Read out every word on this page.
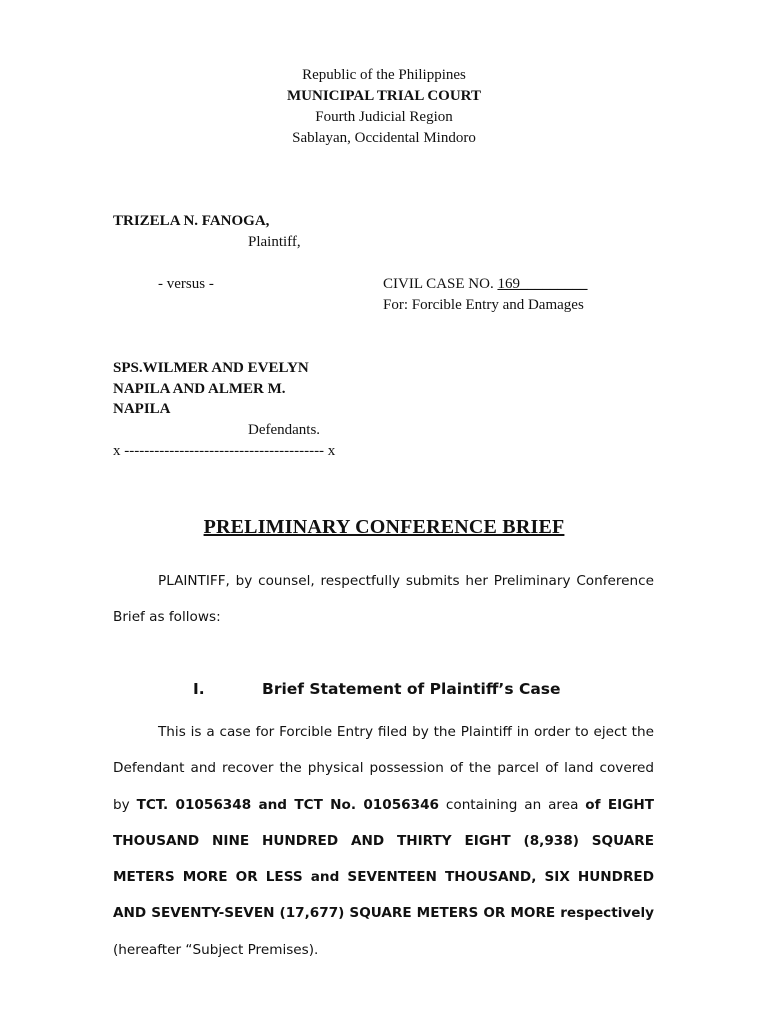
Republic of the Philippines
MUNICIPAL TRIAL COURT
Fourth Judicial Region
Sablayan, Occidental Mindoro
TRIZELA N. FANOGA,
Plaintiff,
- versus -	CIVIL CASE NO. 169_________
For: Forcible Entry and Damages
SPS.WILMER AND EVELYN
NAPILA AND ALMER M.
NAPILA
Defendants.
x ---------------------------------------- x
PRELIMINARY CONFERENCE BRIEF
PLAINTIFF, by counsel, respectfully submits her Preliminary Conference Brief as follows:
I.	Brief Statement of Plaintiff’s Case
This is a case for Forcible Entry filed by the Plaintiff in order to eject the Defendant and recover the physical possession of the parcel of land covered by TCT. 01056348 and TCT No. 01056346 containing an area of EIGHT THOUSAND NINE HUNDRED AND THIRTY EIGHT (8,938) SQUARE METERS MORE OR LESS and SEVENTEEN THOUSAND, SIX HUNDRED AND SEVENTY-SEVEN (17,677) SQUARE METERS OR MORE respectively (hereafter “Subject Premises).
